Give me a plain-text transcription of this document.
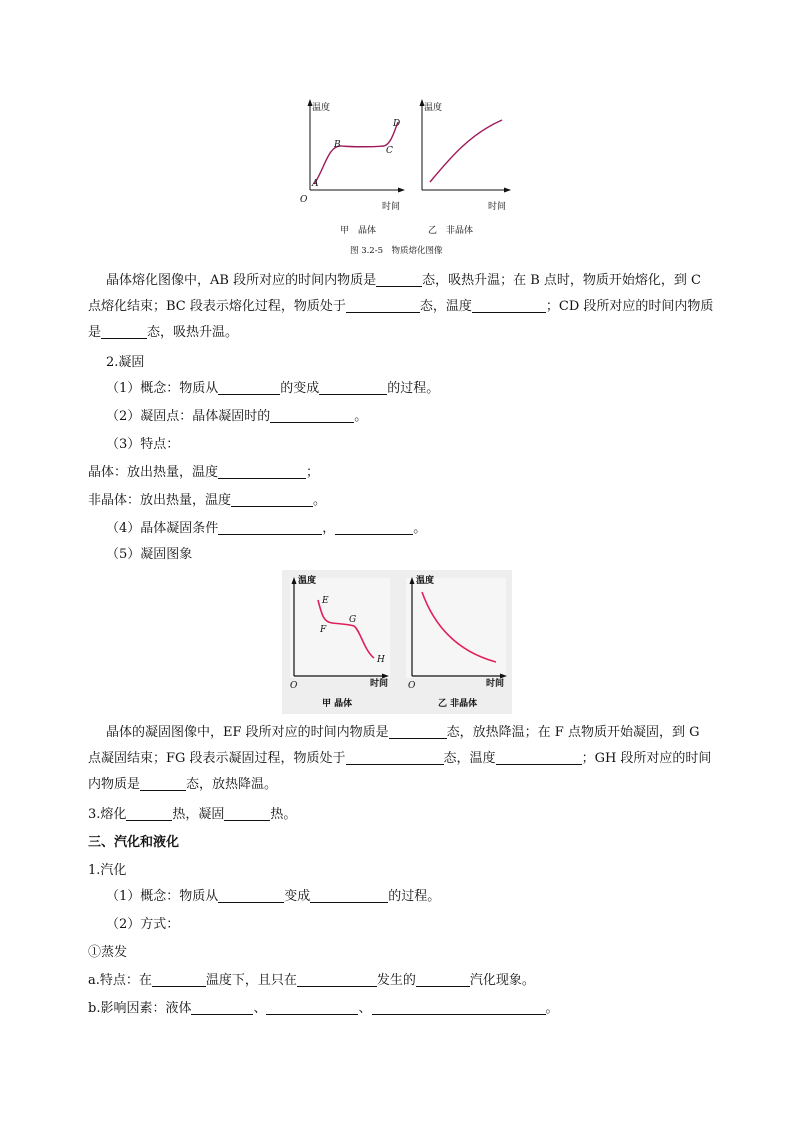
温度
时间
O
A
B
C
D
甲　晶体
温度
时间
乙　非晶体
图 3.2-5　物质熔化图像
晶体熔化图像中，AB 段所对应的时间内物质是	态，吸热升温；在 B 点时，物质开始熔化，到 C
点熔化结束；BC 段表示熔化过程，物质处于	态，温度	；CD 段所对应的时间内物质
是	态，吸热升温。
2.凝固
（1）概念：物质从	的变成	的过程。
（2）凝固点：晶体凝固时的	。
（3）特点：
晶体：放出热量，温度	；
非晶体：放出热量，温度	。
（4）晶体凝固条件	，	。
（5）凝固图象
温度
时间
O
E
F
G
H
甲 晶体
温度
时间
O
乙 非晶体
晶体的凝固图像中，EF 段所对应的时间内物质是	态，放热降温；在 F 点物质开始凝固，到 G
点凝固结束；FG 段表示凝固过程，物质处于	态，温度	；GH 段所对应的时间
内物质是	态，放热降温。
3.熔化	热，凝固	热。
三、汽化和液化
1.汽化
（1）概念：物质从	变成	的过程。
（2）方式：
①蒸发
a.特点：在	温度下，且只在	发生的	汽化现象。
b.影响因素：液体	、	、	。
